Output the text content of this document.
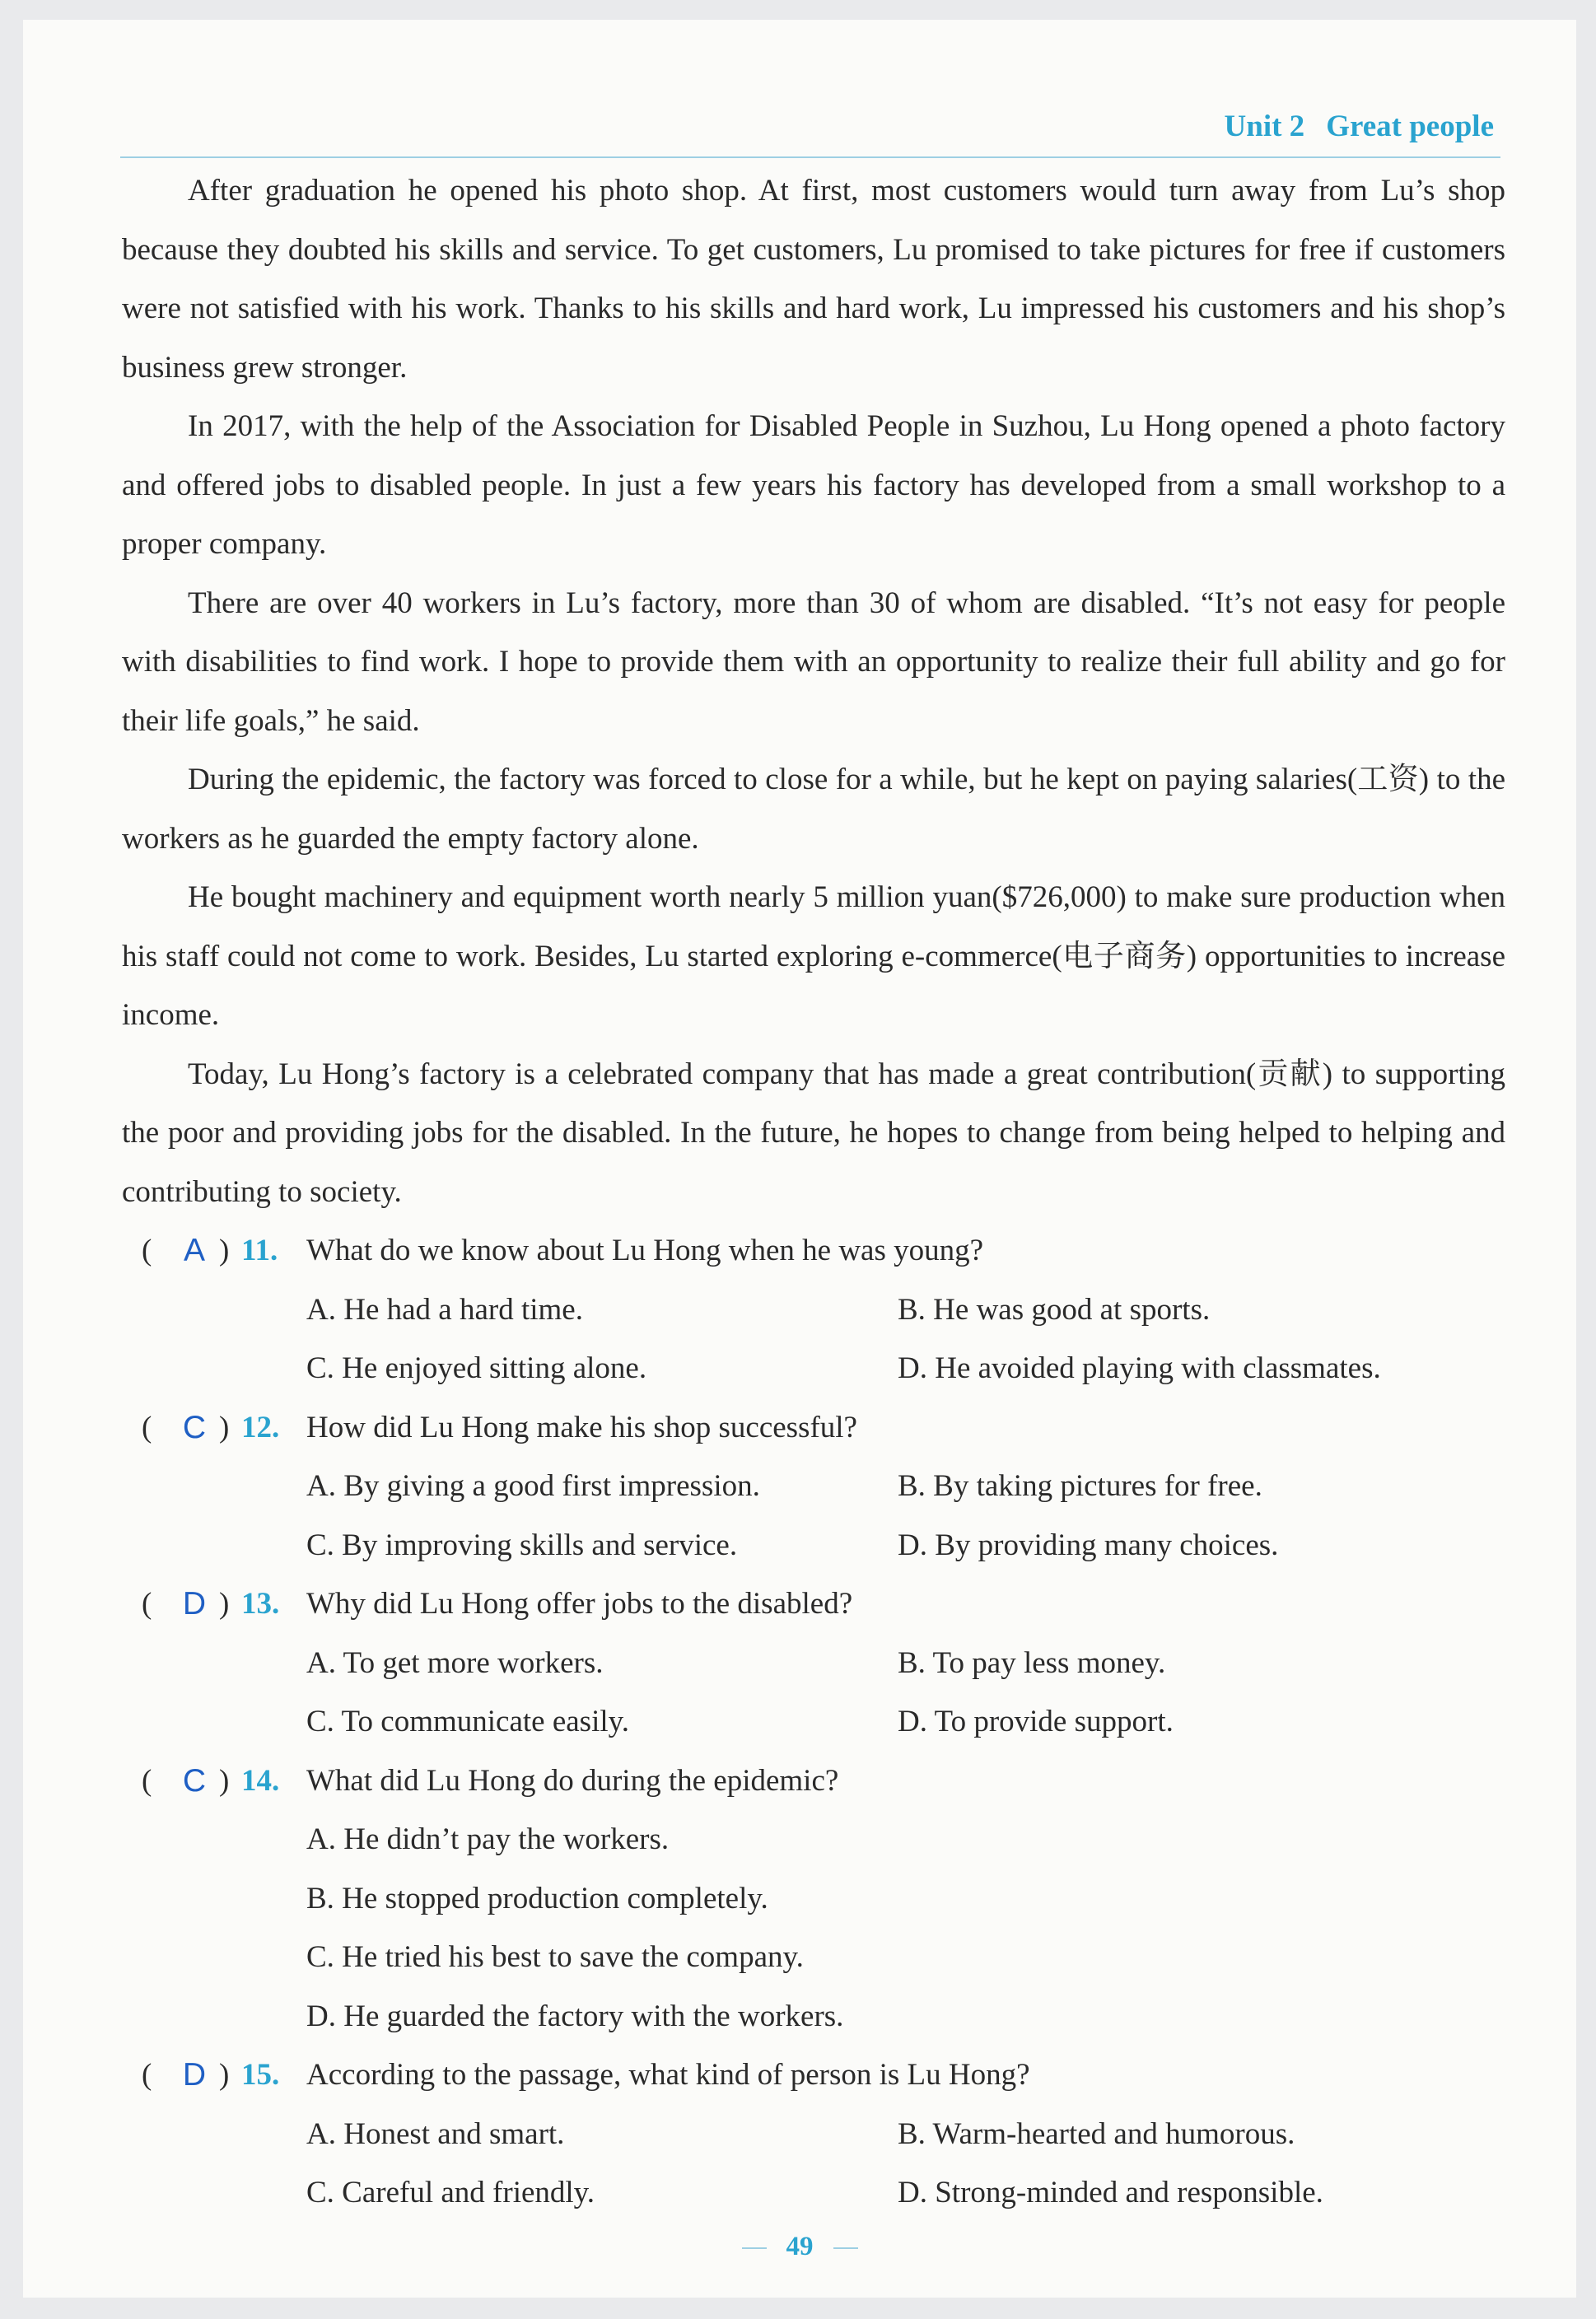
Unit 2 Great people

After graduation he opened his photo shop. At first, most customers would turn away from Lu’s shop because they doubted his skills and service. To get customers, Lu promised to take pictures for free if customers were not satisfied with his work. Thanks to his skills and hard work, Lu impressed his customers and his shop’s business grew stronger.

In 2017, with the help of the Association for Disabled People in Suzhou, Lu Hong opened a photo factory and offered jobs to disabled people. In just a few years his factory has developed from a small workshop to a proper company.

There are over 40 workers in Lu’s factory, more than 30 of whom are disabled. “It’s not easy for people with disabilities to find work. I hope to provide them with an opportunity to realize their full ability and go for their life goals,” he said.

During the epidemic, the factory was forced to close for a while, but he kept on paying salaries(工资) to the workers as he guarded the empty factory alone.

He bought machinery and equipment worth nearly 5 million yuan($726,000) to make sure production when his staff could not come to work. Besides, Lu started exploring e-commerce(电子商务) opportunities to increase income.

Today, Lu Hong’s factory is a celebrated company that has made a great contribution(贡献) to supporting the poor and providing jobs for the disabled. In the future, he hopes to change from being helped to helping and contributing to society.

( A ) 11. What do we know about Lu Hong when he was young?
A. He had a hard time.	B. He was good at sports.
C. He enjoyed sitting alone.	D. He avoided playing with classmates.
( C ) 12. How did Lu Hong make his shop successful?
A. By giving a good first impression.	B. By taking pictures for free.
C. By improving skills and service.	D. By providing many choices.
( D ) 13. Why did Lu Hong offer jobs to the disabled?
A. To get more workers.	B. To pay less money.
C. To communicate easily.	D. To provide support.
( C ) 14. What did Lu Hong do during the epidemic?
A. He didn’t pay the workers.
B. He stopped production completely.
C. He tried his best to save the company.
D. He guarded the factory with the workers.
( D ) 15. According to the passage, what kind of person is Lu Hong?
A. Honest and smart.	B. Warm-hearted and humorous.
C. Careful and friendly.	D. Strong-minded and responsible.
49
